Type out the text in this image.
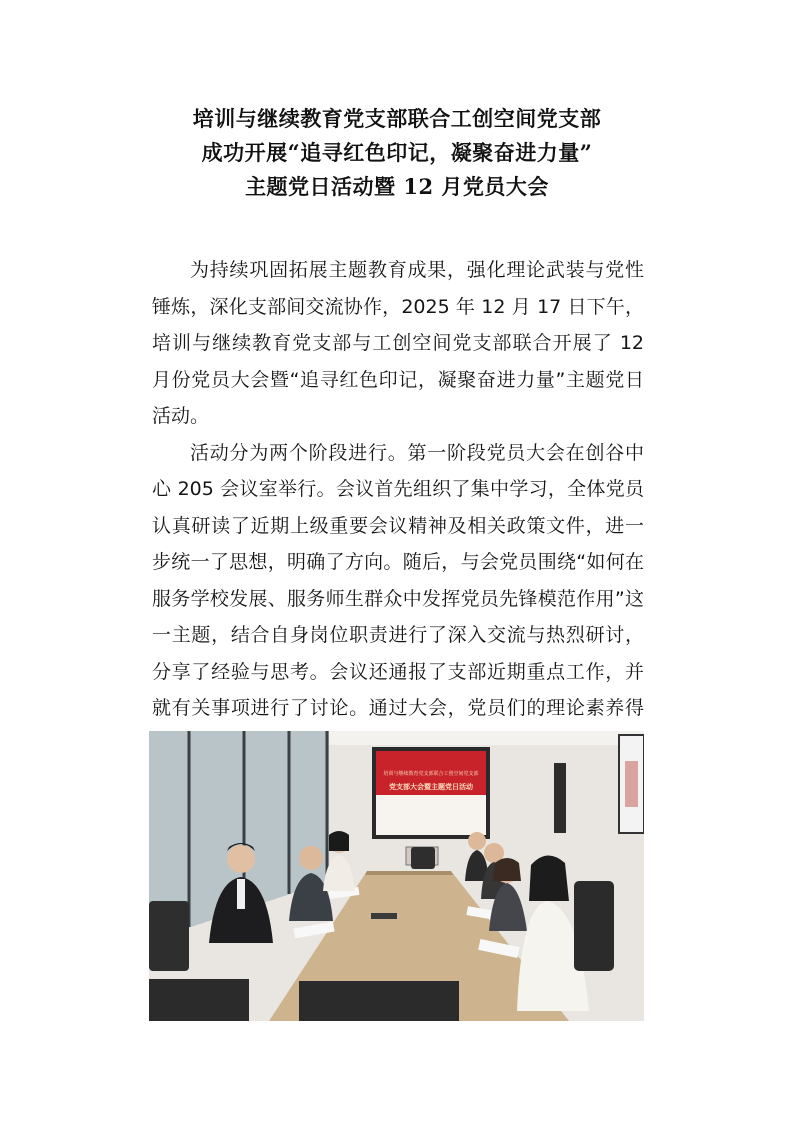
培训与继续教育党支部联合工创空间党支部
成功开展“追寻红色印记，凝聚奋进力量”
主题党日活动暨 12 月党员大会

为持续巩固拓展主题教育成果，强化理论武装与党性锤炼，深化支部间交流协作，2025 年 12 月 17 日下午，培训与继续教育党支部与工创空间党支部联合开展了 12 月份党员大会暨“追寻红色印记，凝聚奋进力量”主题党日活动。

活动分为两个阶段进行。第一阶段党员大会在创谷中心 205 会议室举行。会议首先组织了集中学习，全体党员认真研读了近期上级重要会议精神及相关政策文件，进一步统一了思想，明确了方向。随后，与会党员围绕“如何在服务学校发展、服务师生群众中发挥党员先锋模范作用”这一主题，结合自身岗位职责进行了深入交流与热烈研讨，分享了经验与思考。会议还通报了支部近期重点工作，并就有关事项进行了讨论。通过大会，党员们的理论素养得

培训与继续教育党支部联合工创空间党支部
党支部大会暨主题党日活动
